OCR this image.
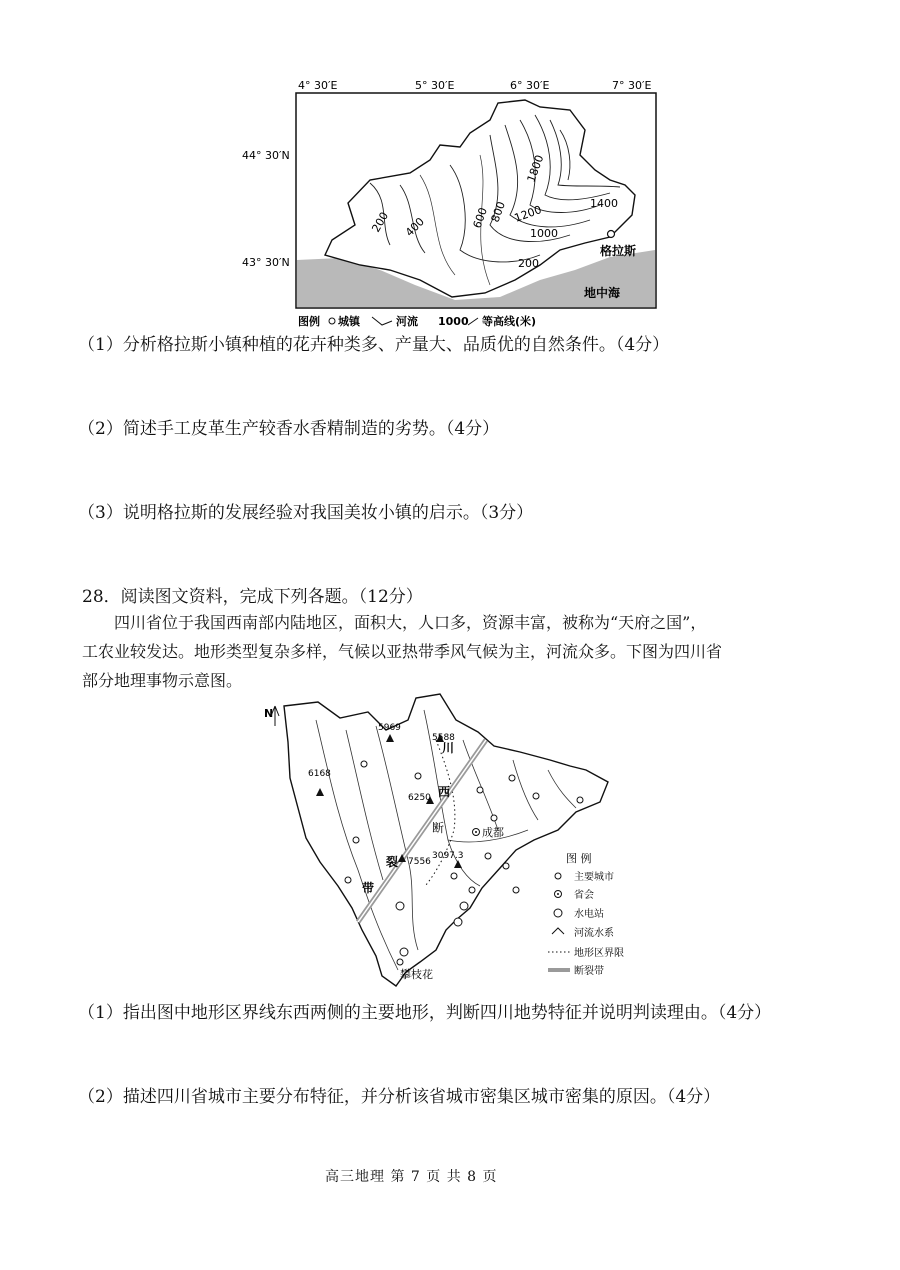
4° 30′E	5° 30′E	6° 30′E	7° 30′E
44° 30′N
43° 30′N
200 400	600
800
1000
1200	1400
1800
200
格拉斯
地中海
图例 城镇	河流 1000 等高线(米)
（1）分析格拉斯小镇种植的花卉种类多、产量大、品质优的自然条件。（4分）
（2）简述手工皮革生产较香水香精制造的劣势。（4分）
（3）说明格拉斯的发展经验对我国美妆小镇的启示。（3分）
28．阅读图文资料，完成下列各题。（12分）
四川省位于我国西南部内陆地区，面积大，人口多，资源丰富，被称为“天府之国”，
工农业较发达。地形类型复杂多样，气候以亚热带季风气候为主，河流众多。下图为四川省
部分地理事物示意图。
N
5969
5588
6168
6250
7556
3097.3
川
西
断
裂
带
成都
攀枝花
图 例
主要城市
省会
水电站
河流水系
地形区界限
断裂带
（1）指出图中地形区界线东西两侧的主要地形，判断四川地势特征并说明判读理由。（4分）
（2）描述四川省城市主要分布特征，并分析该省城市密集区城市密集的原因。（4分）
高三地理 第 7 页 共 8 页
